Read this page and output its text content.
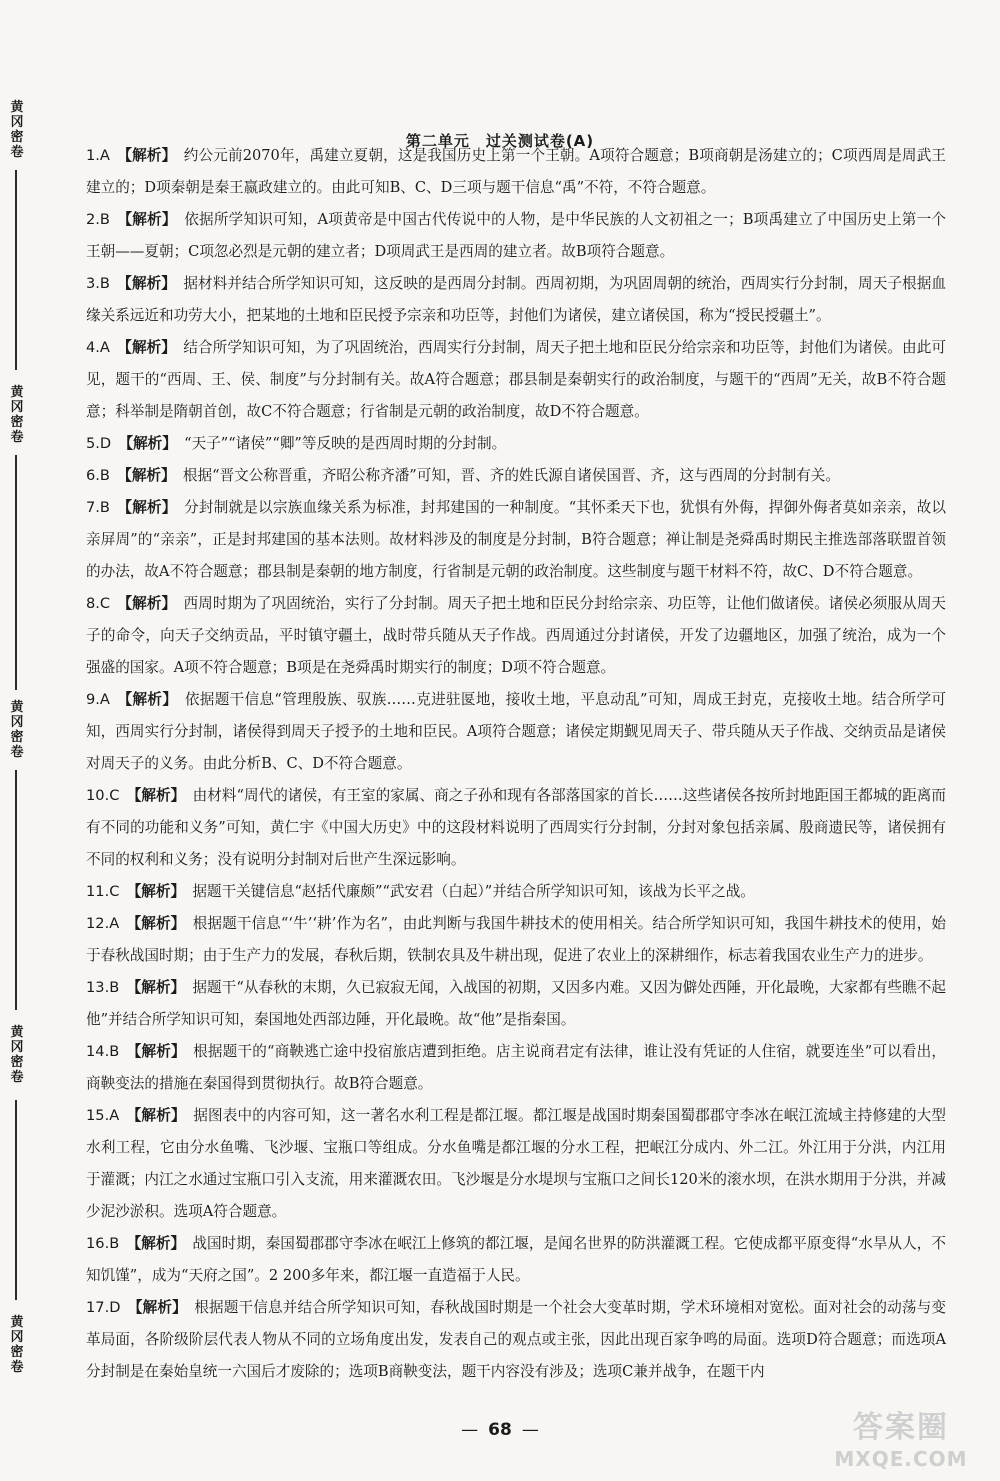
黄冈密卷
黄冈密卷
黄冈密卷
黄冈密卷
黄冈密卷
第二单元　过关测试卷(A)

1.A  【解析】  约公元前2070年，禹建立夏朝，这是我国历史上第一个王朝。A项符合题意；B项商朝是汤建立的；C项西周是周武王建立的；D项秦朝是秦王嬴政建立的。由此可知B、C、D三项与题干信息“禹”不符，不符合题意。

2.B  【解析】  依据所学知识可知，A项黄帝是中国古代传说中的人物，是中华民族的人文初祖之一；B项禹建立了中国历史上第一个王朝——夏朝；C项忽必烈是元朝的建立者；D项周武王是西周的建立者。故B项符合题意。

3.B  【解析】  据材料并结合所学知识可知，这反映的是西周分封制。西周初期，为巩固周朝的统治，西周实行分封制，周天子根据血缘关系远近和功劳大小，把某地的土地和臣民授予宗亲和功臣等，封他们为诸侯，建立诸侯国，称为“授民授疆土”。

4.A  【解析】  结合所学知识可知，为了巩固统治，西周实行分封制，周天子把土地和臣民分给宗亲和功臣等，封他们为诸侯。由此可见，题干的“西周、王、侯、制度”与分封制有关。故A符合题意；郡县制是秦朝实行的政治制度，与题干的“西周”无关，故B不符合题意；科举制是隋朝首创，故C不符合题意；行省制是元朝的政治制度，故D不符合题意。

5.D  【解析】  “天子”“诸侯”“卿”等反映的是西周时期的分封制。

6.B  【解析】  根据“晋文公称晋重，齐昭公称齐潘”可知，晋、齐的姓氏源自诸侯国晋、齐，这与西周的分封制有关。

7.B  【解析】  分封制就是以宗族血缘关系为标准，封邦建国的一种制度。“其怀柔天下也，犹惧有外侮，捍御外侮者莫如亲亲，故以亲屏周”的“亲亲”，正是封邦建国的基本法则。故材料涉及的制度是分封制，B符合题意；禅让制是尧舜禹时期民主推选部落联盟首领的办法，故A不符合题意；郡县制是秦朝的地方制度，行省制是元朝的政治制度。这些制度与题干材料不符，故C、D不符合题意。

8.C  【解析】  西周时期为了巩固统治，实行了分封制。周天子把土地和臣民分封给宗亲、功臣等，让他们做诸侯。诸侯必须服从周天子的命令，向天子交纳贡品，平时镇守疆土，战时带兵随从天子作战。西周通过分封诸侯，开发了边疆地区，加强了统治，成为一个强盛的国家。A项不符合题意；B项是在尧舜禹时期实行的制度；D项不符合题意。

9.A  【解析】  依据题干信息“管理殷族、驭族……克进驻匽地，接收土地，平息动乱”可知，周成王封克，克接收土地。结合所学可知，西周实行分封制，诸侯得到周天子授予的土地和臣民。A项符合题意；诸侯定期觐见周天子、带兵随从天子作战、交纳贡品是诸侯对周天子的义务。由此分析B、C、D不符合题意。

10.C  【解析】  由材料“周代的诸侯，有王室的家属、商之子孙和现有各部落国家的首长……这些诸侯各按所封地距国王都城的距离而有不同的功能和义务”可知，黄仁宇《中国大历史》中的这段材料说明了西周实行分封制，分封对象包括亲属、殷商遗民等，诸侯拥有不同的权利和义务；没有说明分封制对后世产生深远影响。

11.C  【解析】  据题干关键信息“赵括代廉颇”“武安君（白起）”并结合所学知识可知，该战为长平之战。

12.A  【解析】  根据题干信息“‘牛’‘耕’作为名”，由此判断与我国牛耕技术的使用相关。结合所学知识可知，我国牛耕技术的使用，始于春秋战国时期；由于生产力的发展，春秋后期，铁制农具及牛耕出现，促进了农业上的深耕细作，标志着我国农业生产力的进步。

13.B  【解析】  据题干“从春秋的末期，久已寂寂无闻，入战国的初期，又因多内难。又因为僻处西陲，开化最晚，大家都有些瞧不起他”并结合所学知识可知，秦国地处西部边陲，开化最晚。故“他”是指秦国。

14.B  【解析】  根据题干的“商鞅逃亡途中投宿旅店遭到拒绝。店主说商君定有法律，谁让没有凭证的人住宿，就要连坐”可以看出，商鞅变法的措施在秦国得到贯彻执行。故B符合题意。

15.A  【解析】  据图表中的内容可知，这一著名水利工程是都江堰。都江堰是战国时期秦国蜀郡郡守李冰在岷江流域主持修建的大型水利工程，它由分水鱼嘴、飞沙堰、宝瓶口等组成。分水鱼嘴是都江堰的分水工程，把岷江分成内、外二江。外江用于分洪，内江用于灌溉；内江之水通过宝瓶口引入支流，用来灌溉农田。飞沙堰是分水堤坝与宝瓶口之间长120米的滚水坝，在洪水期用于分洪，并减少泥沙淤积。选项A符合题意。

16.B  【解析】  战国时期，秦国蜀郡郡守李冰在岷江上修筑的都江堰，是闻名世界的防洪灌溉工程。它使成都平原变得“水旱从人，不知饥馑”，成为“天府之国”。2 200多年来，都江堰一直造福于人民。

17.D  【解析】  根据题干信息并结合所学知识可知，春秋战国时期是一个社会大变革时期，学术环境相对宽松。面对社会的动荡与变革局面，各阶级阶层代表人物从不同的立场角度出发，发表自己的观点或主张，因此出现百家争鸣的局面。选项D符合题意；而选项A分封制是在秦始皇统一六国后才废除的；选项B商鞅变法，题干内容没有涉及；选项C兼并战争，在题干内

— 68 —	答案圈
MXQE.COM
